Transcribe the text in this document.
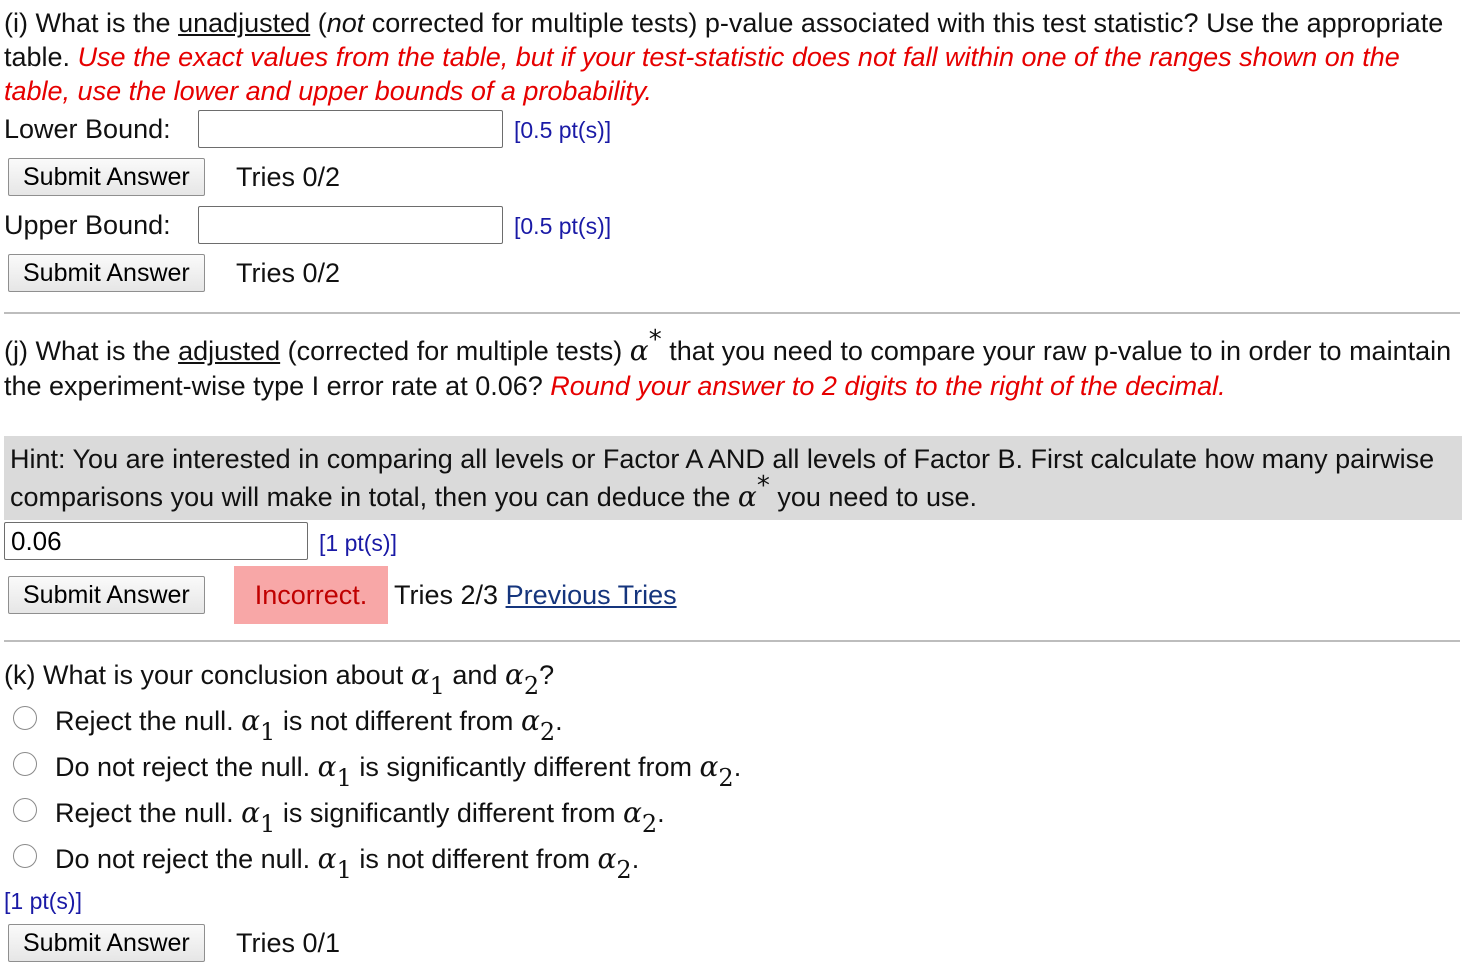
(i) What is the unadjusted (not corrected for multiple tests) p-value associated with this test statistic? Use the appropriate table. Use the exact values from the table, but if your test-statistic does not fall within one of the ranges shown on the table, use the lower and upper bounds of a probability.
Lower Bound:	[0.5 pt(s)]
Submit Answer	Tries 0/2
Upper Bound:	[0.5 pt(s)]
Submit Answer	Tries 0/2
(j) What is the adjusted (corrected for multiple tests) α* that you need to compare your raw p-value to in order to maintain the experiment-wise type I error rate at 0.06? Round your answer to 2 digits to the right of the decimal.
Hint: You are interested in comparing all levels or Factor A AND all levels of Factor B. First calculate how many pairwise comparisons you will make in total, then you can deduce the α* you need to use.
0.06	[1 pt(s)]
Submit Answer	Incorrect. Tries 2/3 Previous Tries
(k) What is your conclusion about α1 and α2?
Reject the null. α1 is not different from α2.
Do not reject the null. α1 is significantly different from α2.
Reject the null. α1 is significantly different from α2.
Do not reject the null. α1 is not different from α2.
[1 pt(s)]
Submit Answer	Tries 0/1
